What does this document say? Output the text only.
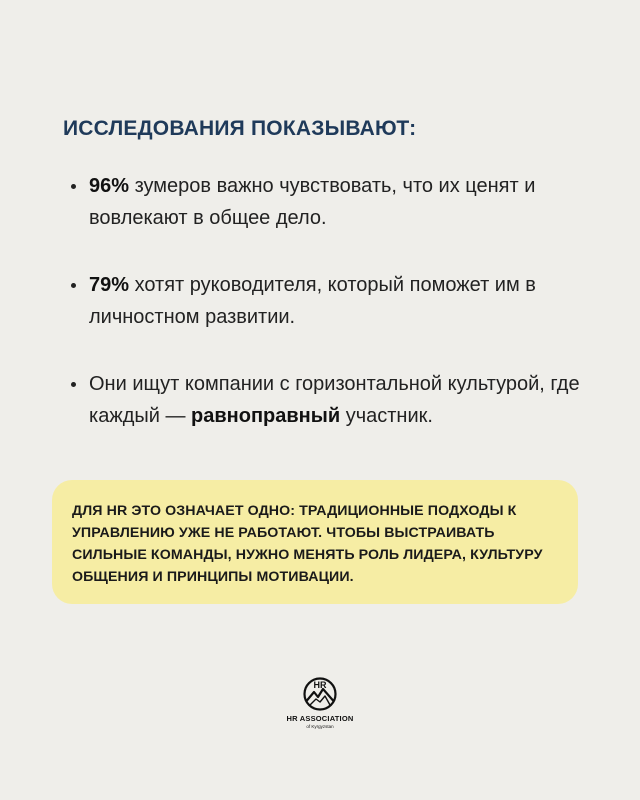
ИССЛЕДОВАНИЯ ПОКАЗЫВАЮТ:
96% зумеров важно чувствовать, что их ценят и вовлекают в общее дело.
79% хотят руководителя, который поможет им в личностном развитии.
Они ищут компании с горизонтальной культурой, где каждый — равноправный участник.

ДЛЯ HR ЭТО ОЗНАЧАЕТ ОДНО: ТРАДИЦИОННЫЕ ПОДХОДЫ К УПРАВЛЕНИЮ УЖЕ НЕ РАБОТАЮТ. ЧТОБЫ ВЫСТРАИВАТЬ СИЛЬНЫЕ КОМАНДЫ, НУЖНО МЕНЯТЬ РОЛЬ ЛИДЕРА, КУЛЬТУРУ ОБЩЕНИЯ И ПРИНЦИПЫ МОТИВАЦИИ.

HR
HR ASSOCIATION
of Kyrgyzstan
